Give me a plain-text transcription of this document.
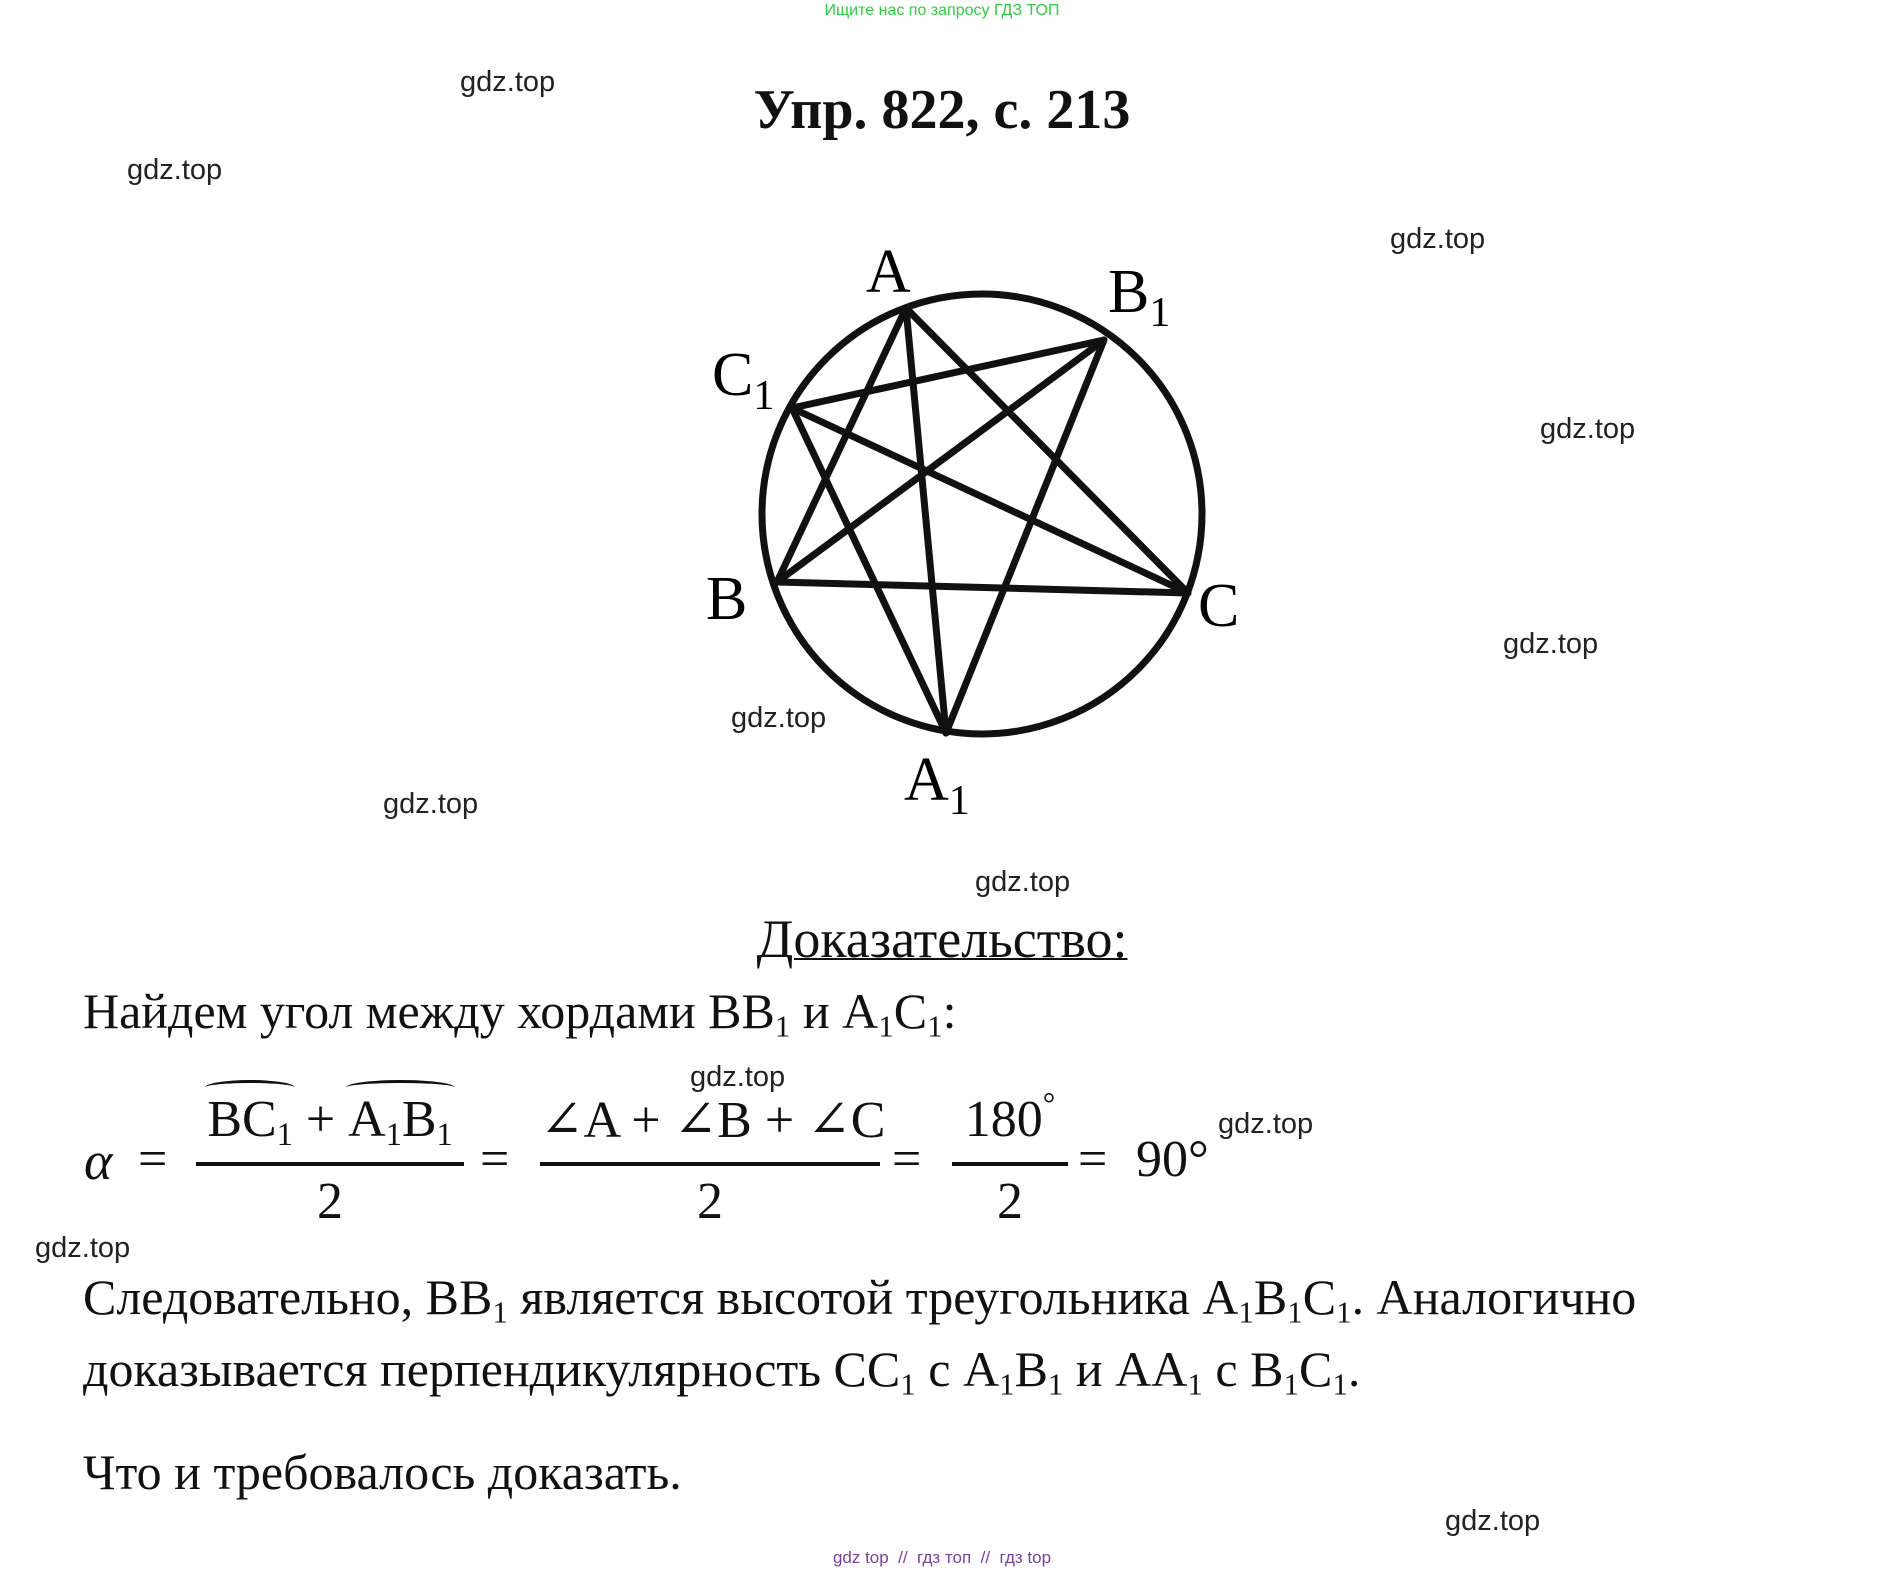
Ищите нас по запросу ГДЗ ТОП
Упр. 822, с. 213
gdz.top
gdz.top
gdz.top
gdz.top
gdz.top
gdz.top
gdz.top
gdz.top
gdz.top
gdz.top
gdz.top
gdz.top
A	$B_1$
$C_1$
B	C
$A_1$
Доказательство:
Найдем угол между хордами $BB_1$ и $A_1C_1$:
α =
$BC_1 + A_1B_1$
2
=
∠A + ∠B + ∠C
2
=
180°
2
= 90°
Следовательно, $BB_1$ является высотой треугольника $A_1B_1C_1$. Аналогично
доказывается перпендикулярность $CC_1$ с $A_1B_1$ и $AA_1$ с $B_1C_1$.
Что и требовалось доказать.
gdz top  //  гдз топ  //  гдз top
